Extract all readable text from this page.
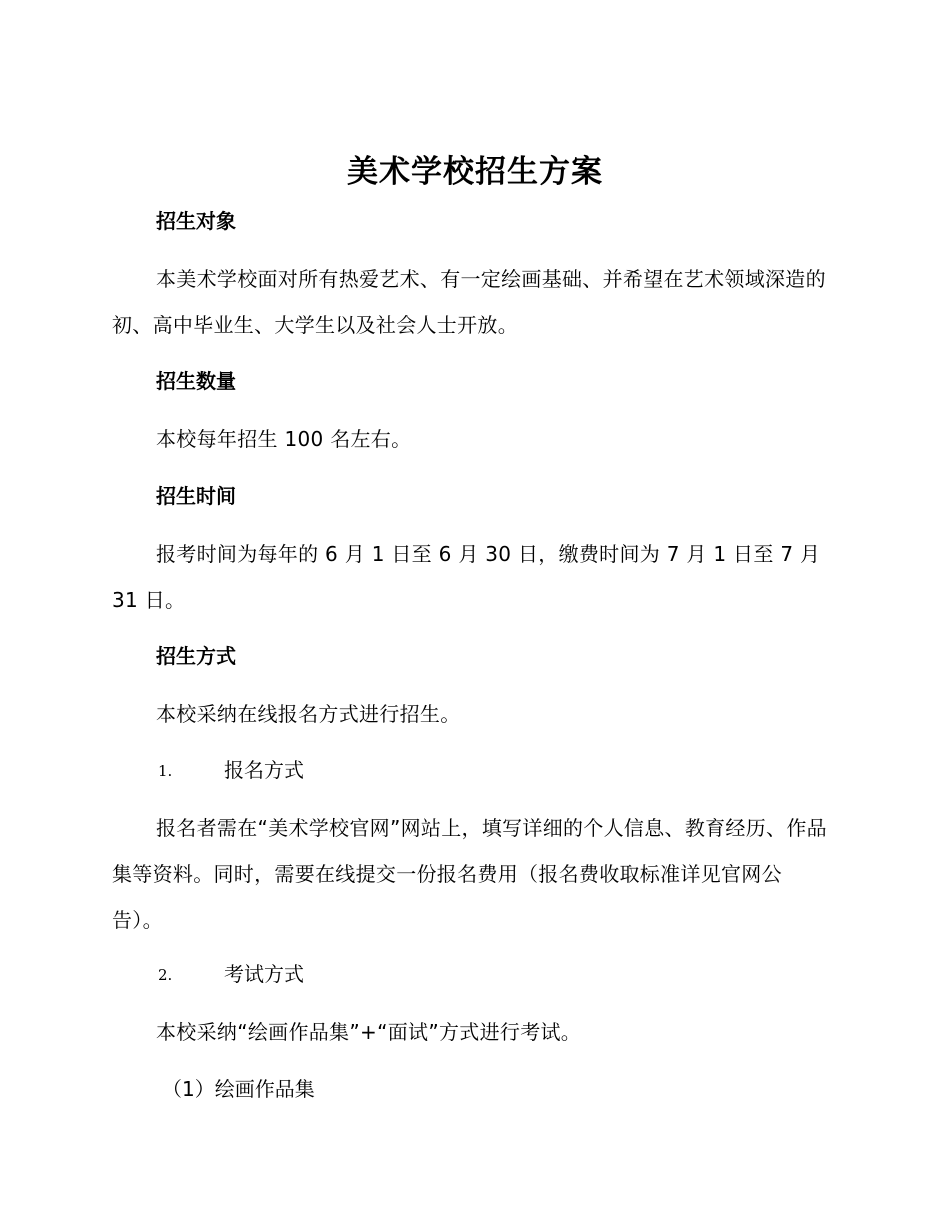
美术学校招生方案
招生对象
本美术学校面对所有热爱艺术、有一定绘画基础、并希望在艺术领域深造的初、高中毕业生、大学生以及社会人士开放。
招生数量
本校每年招生 100 名左右。
招生时间
报考时间为每年的 6 月 1 日至 6 月 30 日，缴费时间为 7 月 1 日至 7 月 31 日。
招生方式
本校采纳在线报名方式进行招生。
1.	报名方式
报名者需在“美术学校官网”网站上，填写详细的个人信息、教育经历、作品集等资料。同时，需要在线提交一份报名费用（报名费收取标准详见官网公告）。
2.	考试方式
本校采纳“绘画作品集”+“面试”方式进行考试。
（1）绘画作品集
